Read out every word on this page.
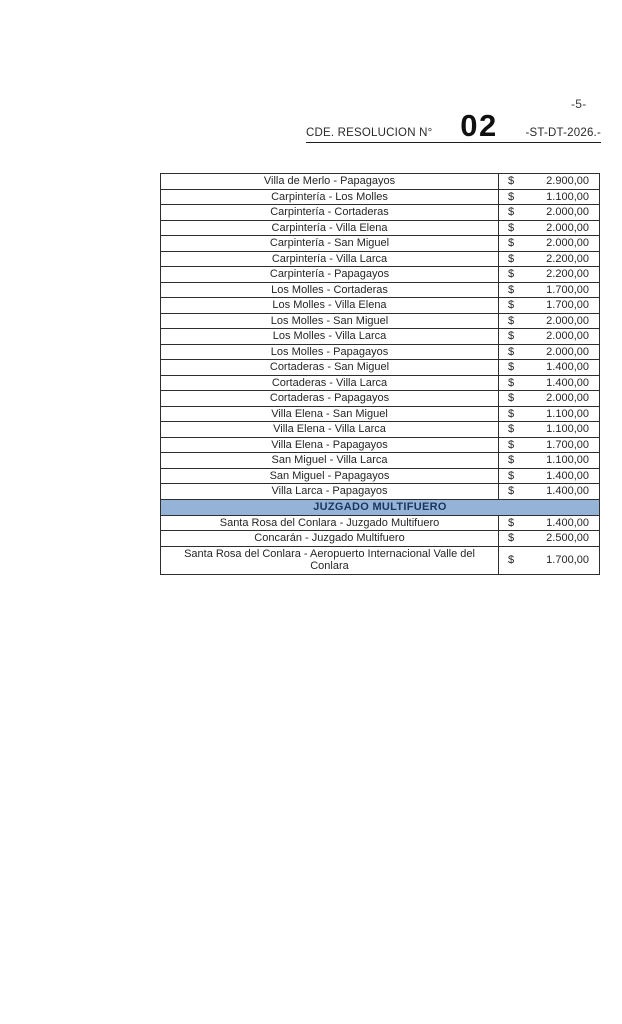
-5-
CDE. RESOLUCION N° 02 -ST-DT-2026.-
Villa de Merlo - Papagayos	$ 2.900,00

Carpintería - Los Molles	$ 1.100,00

Carpintería - Cortaderas	$ 2.000,00

Carpintería - Villa Elena	$ 2.000,00

Carpintería - San Miguel	$ 2.000,00

Carpintería - Villa Larca	$ 2.200,00

Carpintería - Papagayos	$ 2.200,00

Los Molles - Cortaderas	$ 1.700,00

Los Molles - Villa Elena	$ 1.700,00

Los Molles - San Miguel	$ 2.000,00

Los Molles - Villa Larca	$ 2.000,00

Los Molles - Papagayos	$ 2.000,00

Cortaderas - San Miguel	$ 1.400,00

Cortaderas - Villa Larca	$ 1.400,00

Cortaderas - Papagayos	$ 2.000,00

Villa Elena - San Miguel	$ 1.100,00

Villa Elena - Villa Larca	$ 1.100,00

Villa Elena - Papagayos	$ 1.700,00

San Miguel - Villa Larca	$ 1.100,00

San Miguel - Papagayos	$ 1.400,00

Villa Larca - Papagayos	$ 1.400,00

JUZGADO MULTIFUERO	
Santa Rosa del Conlara - Juzgado Multifuero	$ 1.400,00

Concarán - Juzgado Multifuero	$ 2.500,00

Santa Rosa del Conlara - Aeropuerto Internacional Valle del Conlara	$ 1.700,00
